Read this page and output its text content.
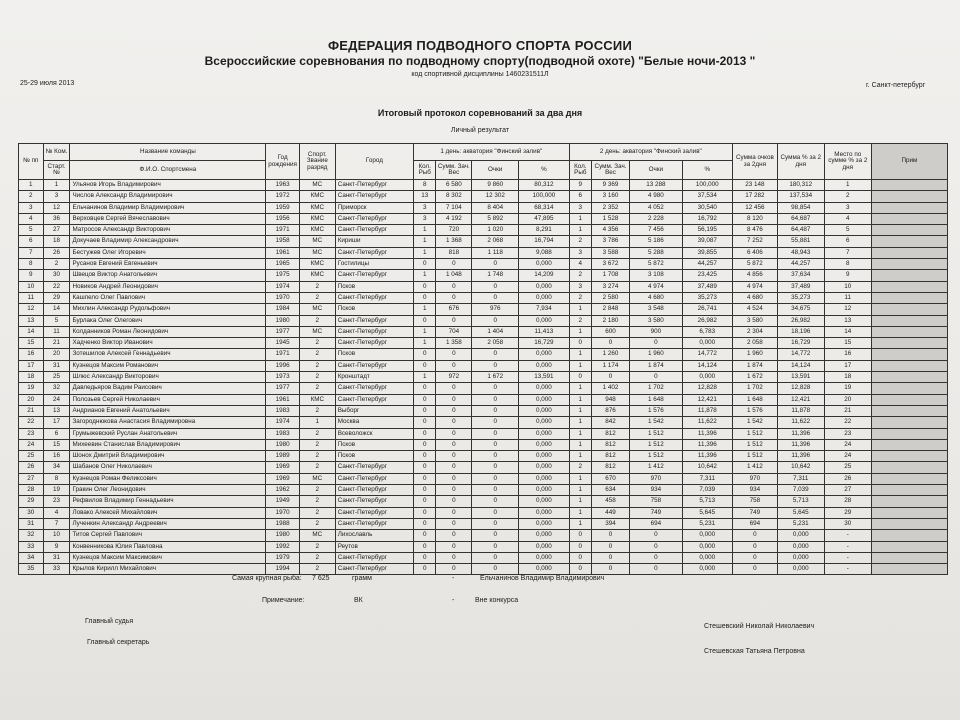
ФЕДЕРАЦИЯ ПОДВОДНОГО СПОРТА РОССИИ
Всероссийские соревнования по подводному спорту(подводной охоте) "Белые ночи-2013 "
код спортивной дисциплины 1460231511Л
25-29 июля 2013	г. Санкт-петербург
Итоговый протокол соревнований за два дня
Личный результат
№ пп	№ Ком.	Название команды	Год рождения	Спорт. Звание разряд	Город	1 день: акватория "Финский залив"				2 день: акватория "Финский залив"				Сумма очков за 2дня	Сумма % за 2 дня	Место по сумме % за 2 дня	Прим
	Старт. №	Ф.И.О. Спортсмена				Кол. Рыб	Сумм. Зач. Вес	Очки	%	Кол. Рыб	Сумм. Зач. Вес	Очки	%				
1	1	Ульянов Игорь Владимирович	1963	МС	Санкт-Петербург	8	6 580	9 860	80,312	9	9 369	13 288	100,000	23 148	180,312	1	
2	3	Числов Александр Владимирович	1972	КМС	Санкт-Петербург	13	8 302	12 302	100,000	6	3 160	4 980	37,534	17 282	137,534	2	
3	12	Ельчанинов Владимир Владимирович	1959	КМС	Приморск	3	7 104	8 404	68,314	3	2 352	4 052	30,540	12 456	98,854	3	
4	36	Верховцев Сергей Вячеславович	1956	КМС	Санкт-Петербург	3	4 192	5 892	47,895	1	1 528	2 228	16,792	8 120	64,687	4	
5	27	Матросов Александр Викторович	1971	КМС	Санкт-Петербург	1	720	1 020	8,291	1	4 356	7 456	56,195	8 476	64,487	5	
6	18	Докучаев Владимир Александрович	1958	МС	Кириши	1	1 368	2 068	16,794	2	3 786	5 186	39,087	7 252	55,881	6	
7	26	Бестужев Олег Игоревич	1961	МС	Санкт-Петербург	1	818	1 118	9,088	3	3 588	5 288	39,855	6 406	48,943	7	
8	2	Русанов Евгений Евгеньевич	1965	КМС	Гостилицы	0	0	0	0,000	4	3 672	5 872	44,257	5 872	44,257	8	
9	30	Швецов Виктор Анатольевич	1975	КМС	Санкт-Петербург	1	1 048	1 748	14,209	2	1 708	3 108	23,425	4 856	37,634	9	
10	22	Новиков Андрей Леонидович	1974	2	Псков	0	0	0	0,000	3	3 274	4 974	37,489	4 974	37,489	10	
11	29	Кашпело Олег Павлович	1970	2	Санкт-Петербург	0	0	0	0,000	2	2 580	4 680	35,273	4 680	35,273	11	
12	14	Михлин Александр Рудольфович	1984	МС	Псков	1	676	976	7,934	1	2 848	3 548	26,741	4 524	34,675	12	
13	5	Бурлака Олег Олегович	1980	2	Санкт-Петербург	0	0	0	0,000	2	2 180	3 580	26,982	3 580	26,982	13	
14	11	Колданников Роман Леонидович	1977	МС	Санкт-Петербург	1	704	1 404	11,413	1	600	900	6,783	2 304	18,196	14	
15	21	Хадченко Виктор Иванович	1945	2	Санкт-Петербург	1	1 358	2 058	16,729	0	0	0	0,000	2 058	16,729	15	
16	20	Зотешилов Алексей Геннадьевич	1971	2	Псков	0	0	0	0,000	1	1 260	1 960	14,772	1 960	14,772	16	
17	31	Кузнецов Максим Романович	1996	2	Санкт-Петербург	0	0	0	0,000	1	1 174	1 874	14,124	1 874	14,124	17	
18	25	Шлюс Александр Викторович	1973	2	Кронштадт	1	972	1 672	13,591	0	0	0	0,000	1 672	13,591	18	
19	32	Давледьяров Вадим Раисович	1977	2	Санкт-Петербург	0	0	0	0,000	1	1 402	1 702	12,828	1 702	12,828	19	
20	24	Полозьев Сергей Николаевич	1961	КМС	Санкт-Петербург	0	0	0	0,000	1	948	1 648	12,421	1 648	12,421	20	
21	13	Андрианов Евгений Анатольевич	1983	2	Выборг	0	0	0	0,000	1	876	1 576	11,878	1 576	11,878	21	
22	17	Загороднюкова Анастасия Владимировна	1974	1	Москва	0	0	0	0,000	1	842	1 542	11,622	1 542	11,622	22	
23	6	Грумыжевский Руслан Анатольевич	1983	2	Всеволожск	0	0	0	0,000	1	812	1 512	11,396	1 512	11,396	23	
24	15	Михеевин Станислав Владимирович	1980	2	Псков	0	0	0	0,000	1	812	1 512	11,396	1 512	11,396	24	
25	16	Шонох Дмитрий Владимирович	1989	2	Псков	0	0	0	0,000	1	812	1 512	11,396	1 512	11,396	24	
26	34	Шабанов Олег Николаевич	1969	2	Санкт-Петербург	0	0	0	0,000	2	812	1 412	10,642	1 412	10,642	25	
27	8	Кузнецов Роман Феликсович	1969	МС	Санкт-Петербург	0	0	0	0,000	1	670	970	7,311	970	7,311	26	
28	19	Гракин Олег Леонидович	1962	2	Санкт-Петербург	0	0	0	0,000	1	634	934	7,039	934	7,039	27	
29	23	Рефвилов Владимир Геннадьевич	1949	2	Санкт-Петербург	0	0	0	0,000	1	458	758	5,713	758	5,713	28	
30	4	Ловако Алексей Михайлович	1970	2	Санкт-Петербург	0	0	0	0,000	1	449	749	5,645	749	5,645	29	
31	7	Лученкин Александр Андреевич	1988	2	Санкт-Петербург	0	0	0	0,000	1	394	694	5,231	694	5,231	30	
32	10	Титов Сергей Павлович	1980	МС	Лихославль	0	0	0	0,000	0	0	0	0,000	0	0,000	-	
33	9	Конвенникова Юлия Павловна	1992	2	Реутов	0	0	0	0,000	0	0	0	0,000	0	0,000	-	
34	31	Кузнецов Максим Максимович	1979	2	Санкт-Петербург	0	0	0	0,000	0	0	0	0,000	0	0,000	-	
35	33	Крылов Кирилл Михайлович	1994	2	Санкт-Петербург	0	0	0	0,000	0	0	0	0,000	0	0,000	-	
Самая крупная рыба: 7 625	грамм	-	Ельчанинов Владимир Владимирович
Примечание:	ВК	-	Вне конкурса
Главный судья
Стешевский Николай Николаевич
Главный секретарь
Стешевская Татьяна Петровна
